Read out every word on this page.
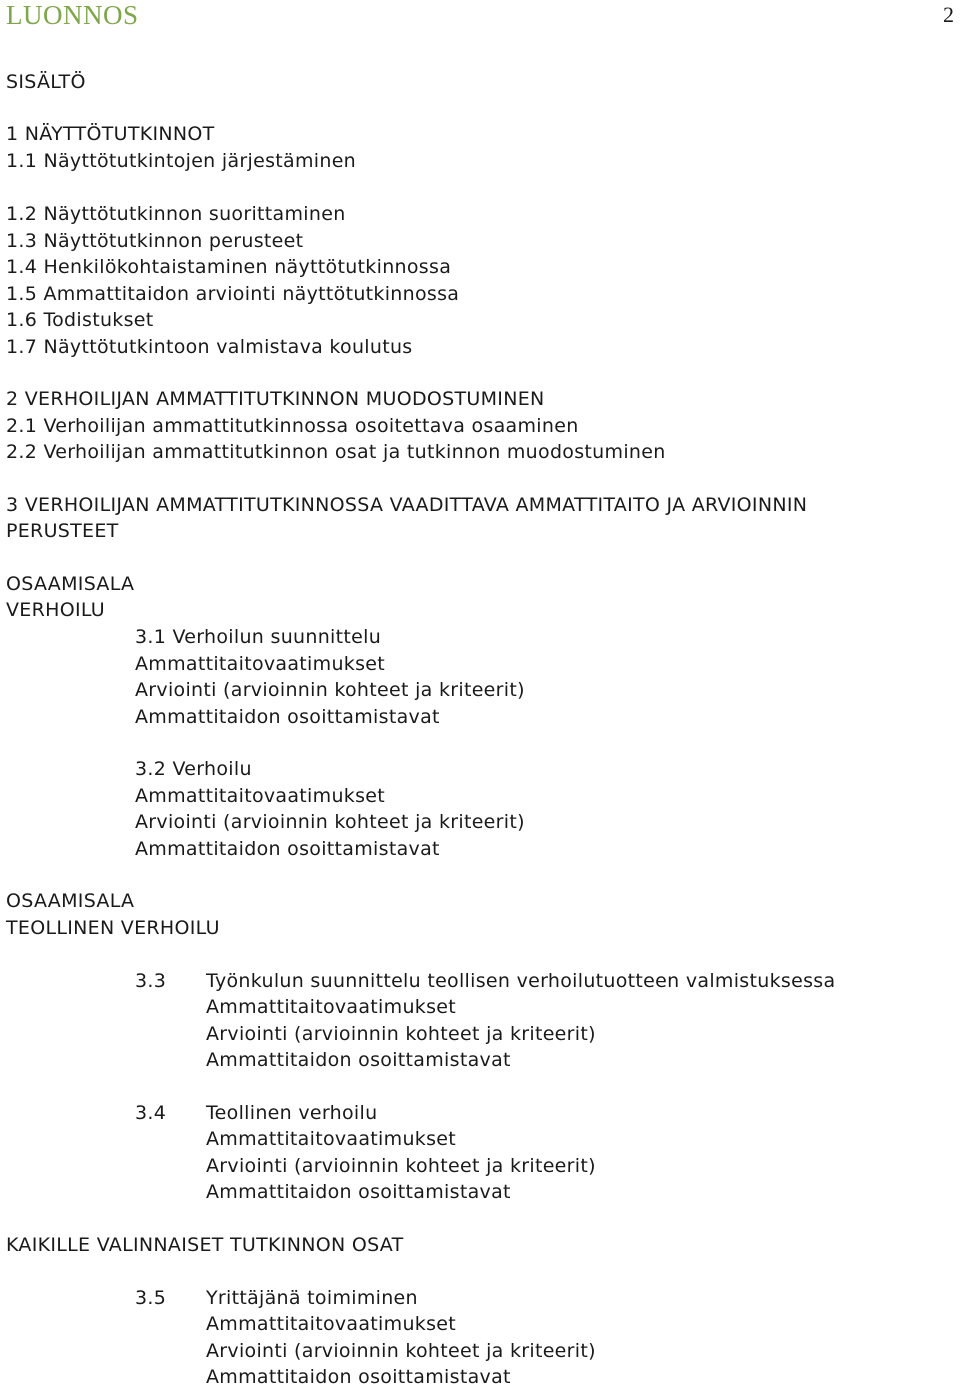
LUONNOS	2
SISÄLTÖ
1 NÄYTTÖTUTKINNOT
1.1 Näyttötutkintojen järjestäminen
1.2 Näyttötutkinnon suorittaminen
1.3 Näyttötutkinnon perusteet
1.4 Henkilökohtaistaminen näyttötutkinnossa
1.5 Ammattitaidon arviointi näyttötutkinnossa
1.6 Todistukset
1.7 Näyttötutkintoon valmistava koulutus
2 VERHOILIJAN AMMATTITUTKINNON MUODOSTUMINEN
2.1 Verhoilijan ammattitutkinnossa osoitettava osaaminen
2.2 Verhoilijan ammattitutkinnon osat ja tutkinnon muodostuminen
3 VERHOILIJAN AMMATTITUTKINNOSSA VAADITTAVA AMMATTITAITO JA ARVIOINNIN
PERUSTEET
OSAAMISALA
VERHOILU
3.1 Verhoilun suunnittelu
Ammattitaitovaatimukset
Arviointi (arvioinnin kohteet ja kriteerit)
Ammattitaidon osoittamistavat
3.2 Verhoilu
Ammattitaitovaatimukset
Arviointi (arvioinnin kohteet ja kriteerit)
Ammattitaidon osoittamistavat
OSAAMISALA
TEOLLINEN VERHOILU
3.3 Työnkulun suunnittelu teollisen verhoilutuotteen valmistuksessa
Ammattitaitovaatimukset
Arviointi (arvioinnin kohteet ja kriteerit)
Ammattitaidon osoittamistavat
3.4 Teollinen verhoilu
Ammattitaitovaatimukset
Arviointi (arvioinnin kohteet ja kriteerit)
Ammattitaidon osoittamistavat
KAIKILLE VALINNAISET TUTKINNON OSAT
3.5 Yrittäjänä toimiminen
Ammattitaitovaatimukset
Arviointi (arvioinnin kohteet ja kriteerit)
Ammattitaidon osoittamistavat
